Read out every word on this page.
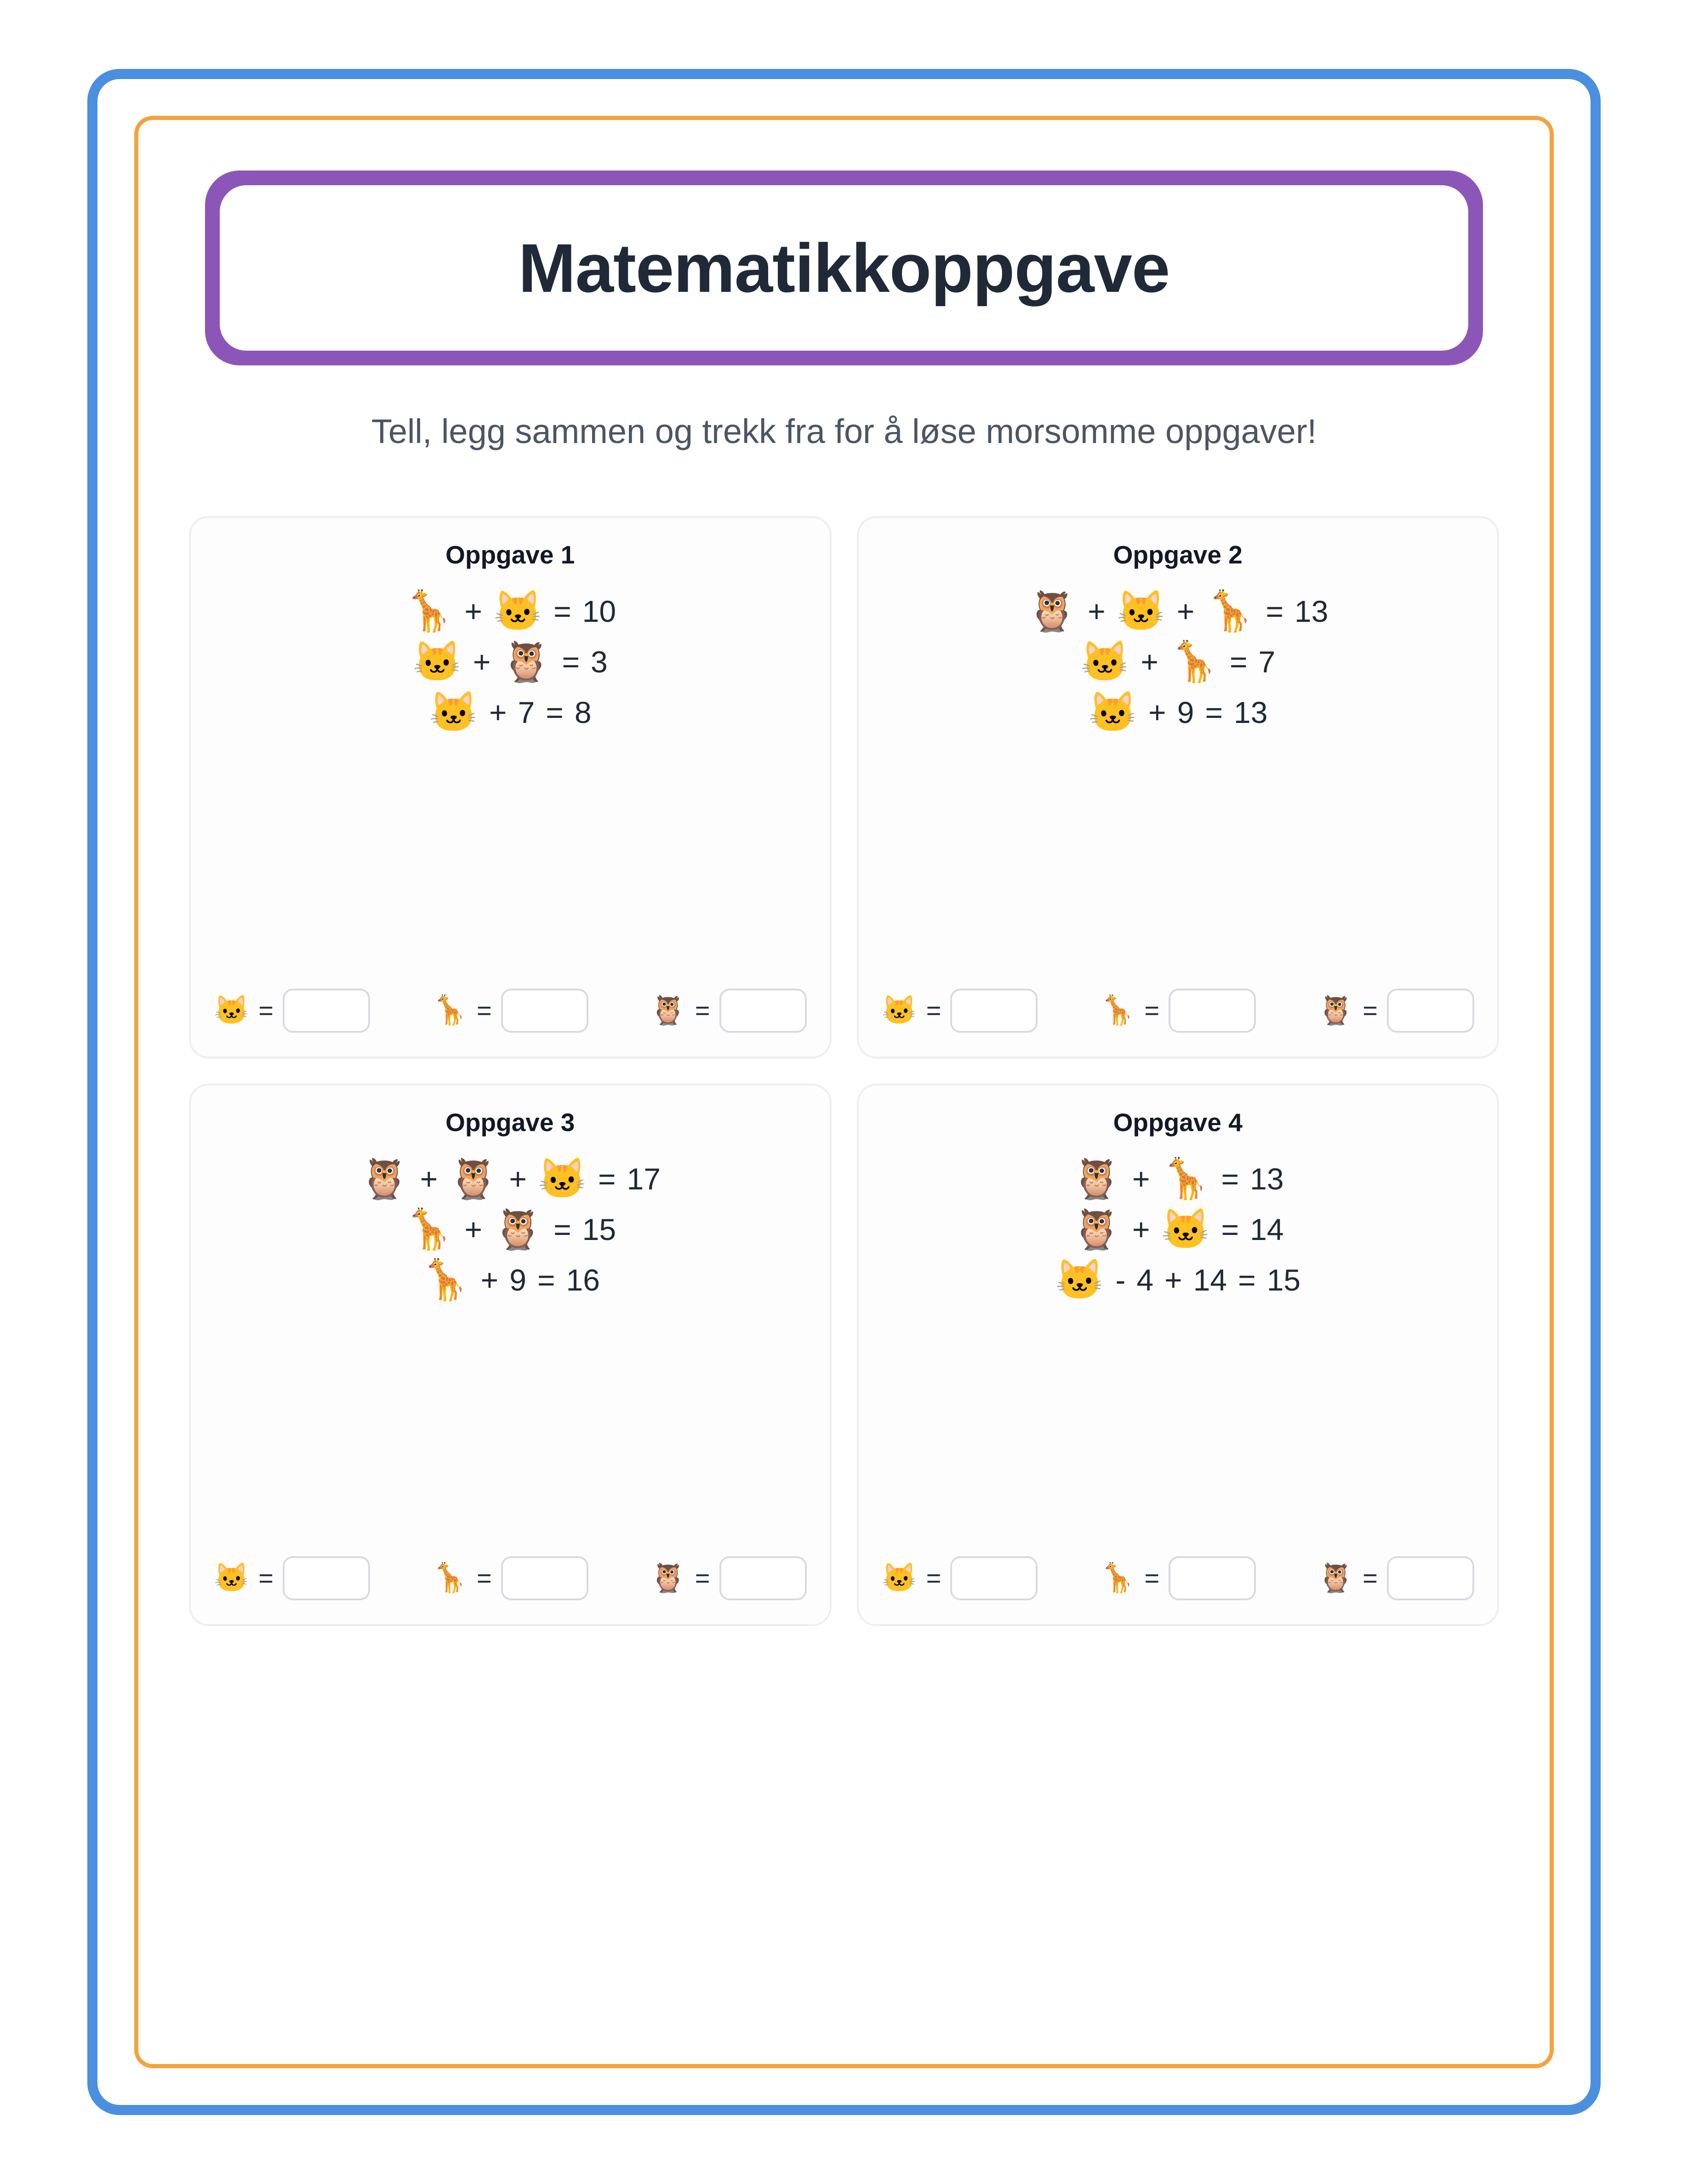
Matematikkoppgave
Tell, legg sammen og trekk fra for å løse morsomme oppgaver!
Oppgave 1
🦒 + 🐱 = 10
🐱 + 🦉 = 3
🐱 + 7 = 8
🐱 =	🦒 =	🦉 =
Oppgave 2
🦉 + 🐱 + 🦒 = 13
🐱 + 🦒 = 7
🐱 + 9 = 13
🐱 =	🦒 =	🦉 =
Oppgave 3
🦉 + 🦉 + 🐱 = 17
🦒 + 🦉 = 15
🦒 + 9 = 16
🐱 =	🦒 =	🦉 =
Oppgave 4
🦉 + 🦒 = 13
🦉 + 🐱 = 14
🐱 - 4 + 14 = 15
🐱 =	🦒 =	🦉 =
